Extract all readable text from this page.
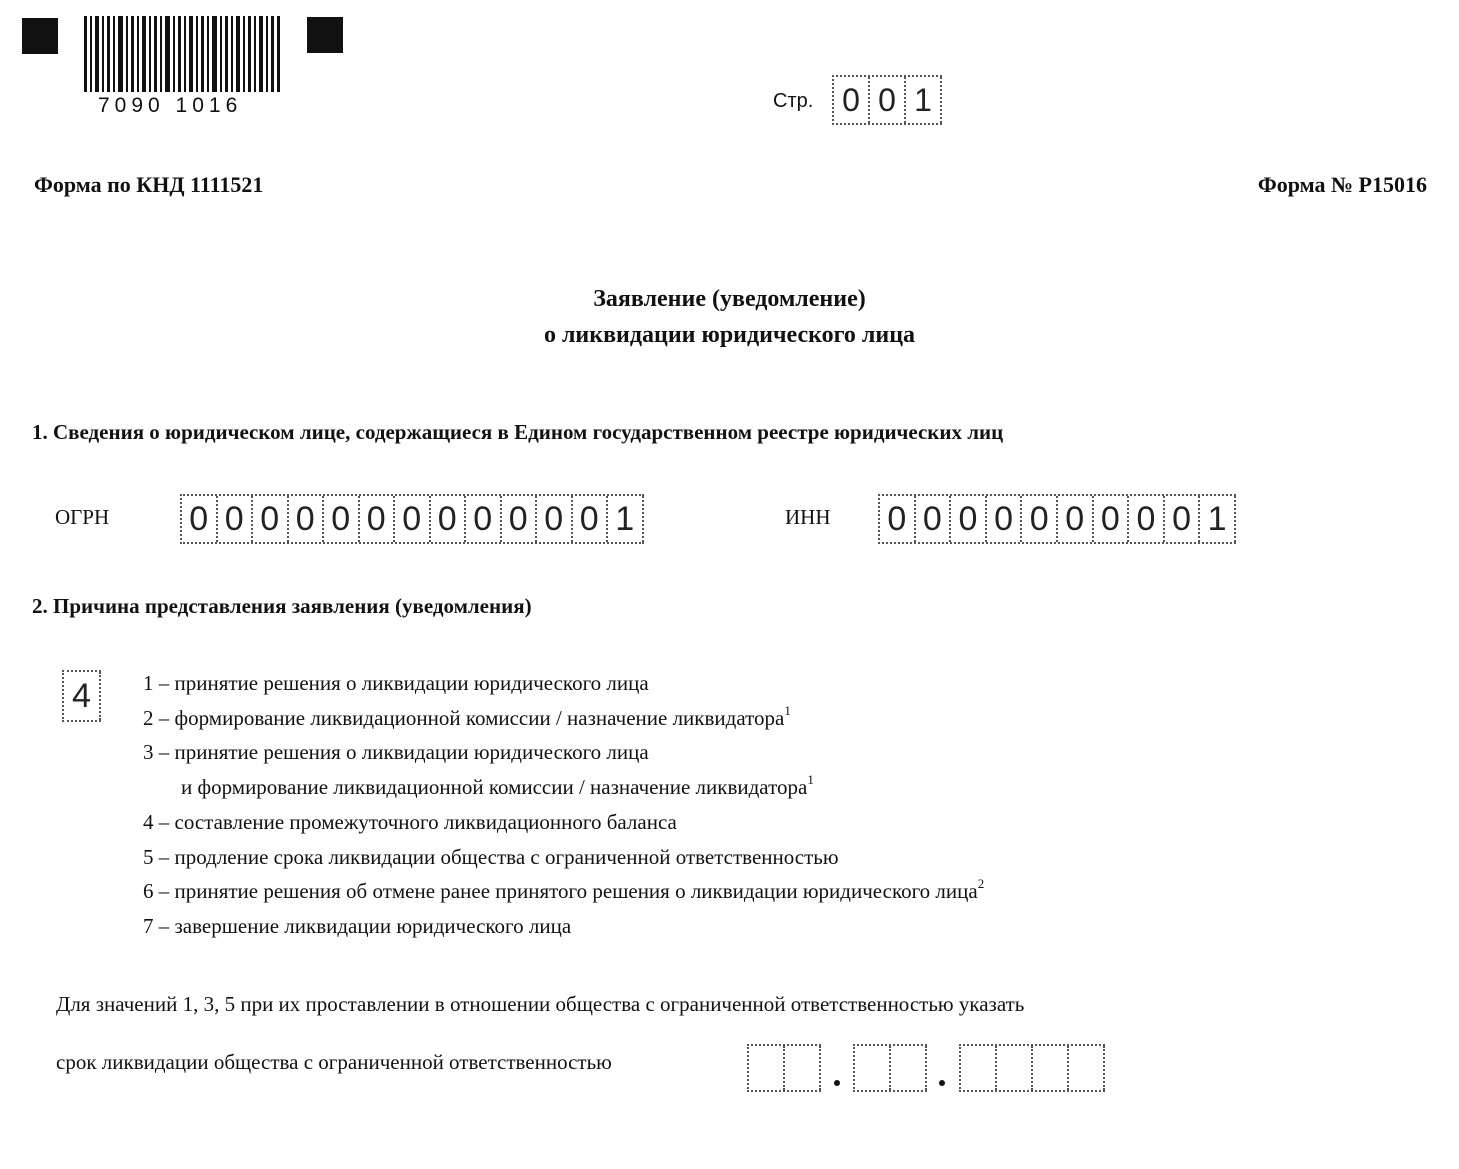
7090 1016	Стр. 0 0 1
Форма по КНД 1111521	Форма № Р15016
Заявление (уведомление)
о ликвидации юридического лица
1. Сведения о юридическом лице, содержащиеся в Едином государственном реестре юридических лиц
ОГРН 0 0 0 0 0 0 0 0 0 0 0 0 1	ИНН 0 0 0 0 0 0 0 0 0 1
2. Причина представления заявления (уведомления)
4	1 – принятие решения о ликвидации юридического лица
2 – формирование ликвидационной комиссии / назначение ликвидатора$^1$
3 – принятие решения о ликвидации юридического лица
и формирование ликвидационной комиссии / назначение ликвидатора$^1$
4 – составление промежуточного ликвидационного баланса
5 – продление срока ликвидации общества с ограниченной ответственностью
6 – принятие решения об отмене ранее принятого решения о ликвидации юридического лица$^2$
7 – завершение ликвидации юридического лица
Для значений 1, 3, 5 при их проставлении в отношении общества с ограниченной ответственностью указать
срок ликвидации общества с ограниченной ответственностью
